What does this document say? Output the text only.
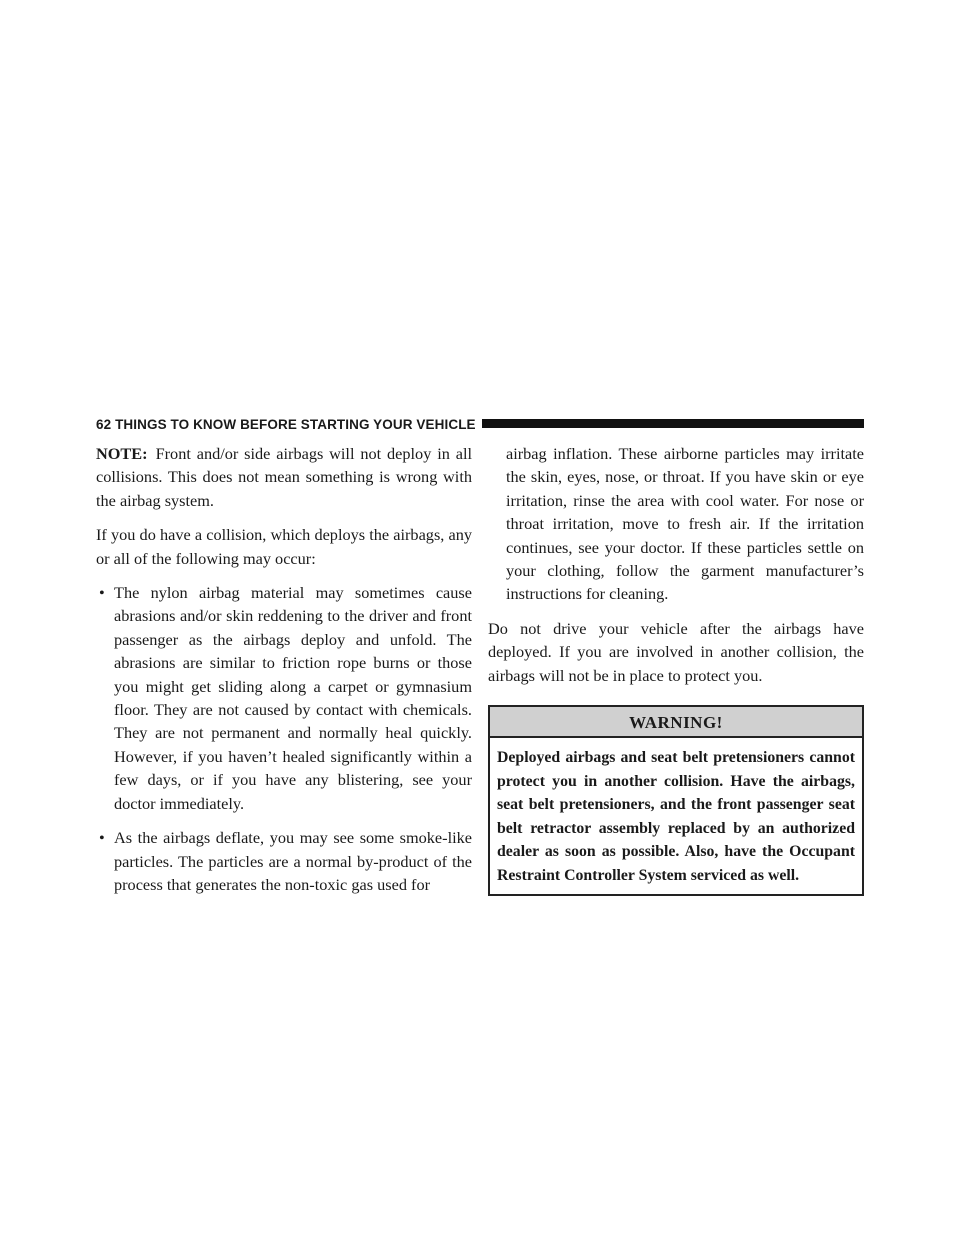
62 THINGS TO KNOW BEFORE STARTING YOUR VEHICLE

NOTE: Front and/or side airbags will not deploy in all collisions. This does not mean something is wrong with the airbag system.

If you do have a collision, which deploys the airbags, any or all of the following may occur:

• The nylon airbag material may sometimes cause abrasions and/or skin reddening to the driver and front passenger as the airbags deploy and unfold. The abrasions are similar to friction rope burns or those you might get sliding along a carpet or gymnasium floor. They are not caused by contact with chemicals. They are not permanent and normally heal quickly. However, if you haven’t healed significantly within a few days, or if you have any blistering, see your doctor immediately.
• As the airbags deflate, you may see some smoke-like particles. The particles are a normal by-product of the process that generates the non-toxic gas used for
airbag inflation. These airborne particles may irritate the skin, eyes, nose, or throat. If you have skin or eye irritation, rinse the area with cool water. For nose or throat irritation, move to fresh air. If the irritation continues, see your doctor. If these particles settle on your clothing, follow the garment manufacturer’s instructions for cleaning.

Do not drive your vehicle after the airbags have deployed. If you are involved in another collision, the airbags will not be in place to protect you.

WARNING!
Deployed airbags and seat belt pretensioners cannot protect you in another collision. Have the airbags, seat belt pretensioners, and the front passenger seat belt retractor assembly replaced by an authorized dealer as soon as possible. Also, have the Occupant Restraint Controller System serviced as well.
